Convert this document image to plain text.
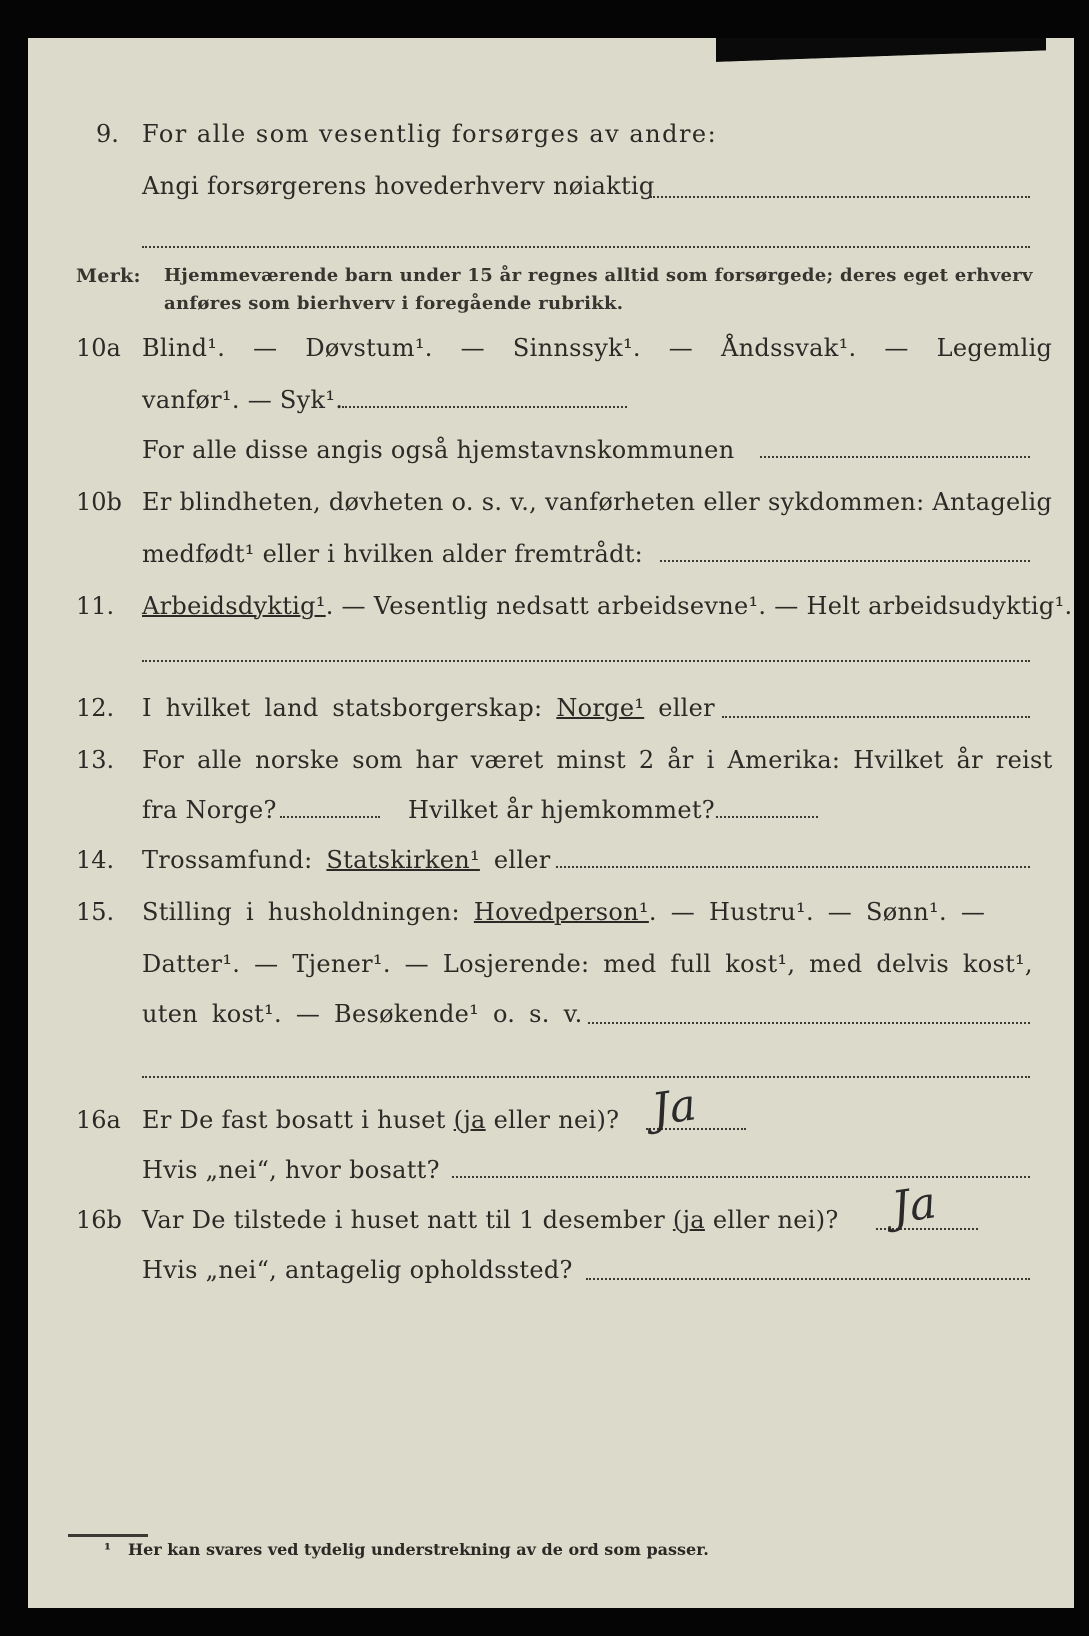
9. For alle som vesentlig forsørges av andre:
Angi forsørgerens hovederhverv nøiaktig
Merk: Hjemmeværende barn under 15 år regnes alltid som forsørgede; deres eget erhverv
anføres som bierhverv i foregående rubrikk.
10a Blind¹. — Døvstum¹. — Sinnssyk¹. — Åndssvak¹. — Legemlig
vanfør¹. — Syk¹.
For alle disse angis også hjemstavnskommunen
10b Er blindheten, døvheten o. s. v., vanførheten eller sykdommen: Antagelig
medfødt¹ eller i hvilken alder fremtrådt:
11. Arbeidsdyktig¹. — Vesentlig nedsatt arbeidsevne¹. — Helt arbeidsudyktig¹.
12. I hvilket land statsborgerskap: Norge¹ eller
13. For alle norske som har været minst 2 år i Amerika: Hvilket år reist
fra Norge?	Hvilket år hjemkommet?
14. Trossamfund: Statskirken¹ eller
15. Stilling i husholdningen: Hovedperson¹. — Hustru¹. — Sønn¹. —
Datter¹. — Tjener¹. — Losjerende: med full kost¹, med delvis kost¹,
uten kost¹. — Besøkende¹ o. s. v.
16a Er De fast bosatt i huset (ja eller nei)? Ja
Hvis „nei“, hvor bosatt?
16b Var De tilstede i huset natt til 1 desember (ja eller nei)? Ja
Hvis „nei“, antagelig opholdssted?
¹ Her kan svares ved tydelig understrekning av de ord som passer.
